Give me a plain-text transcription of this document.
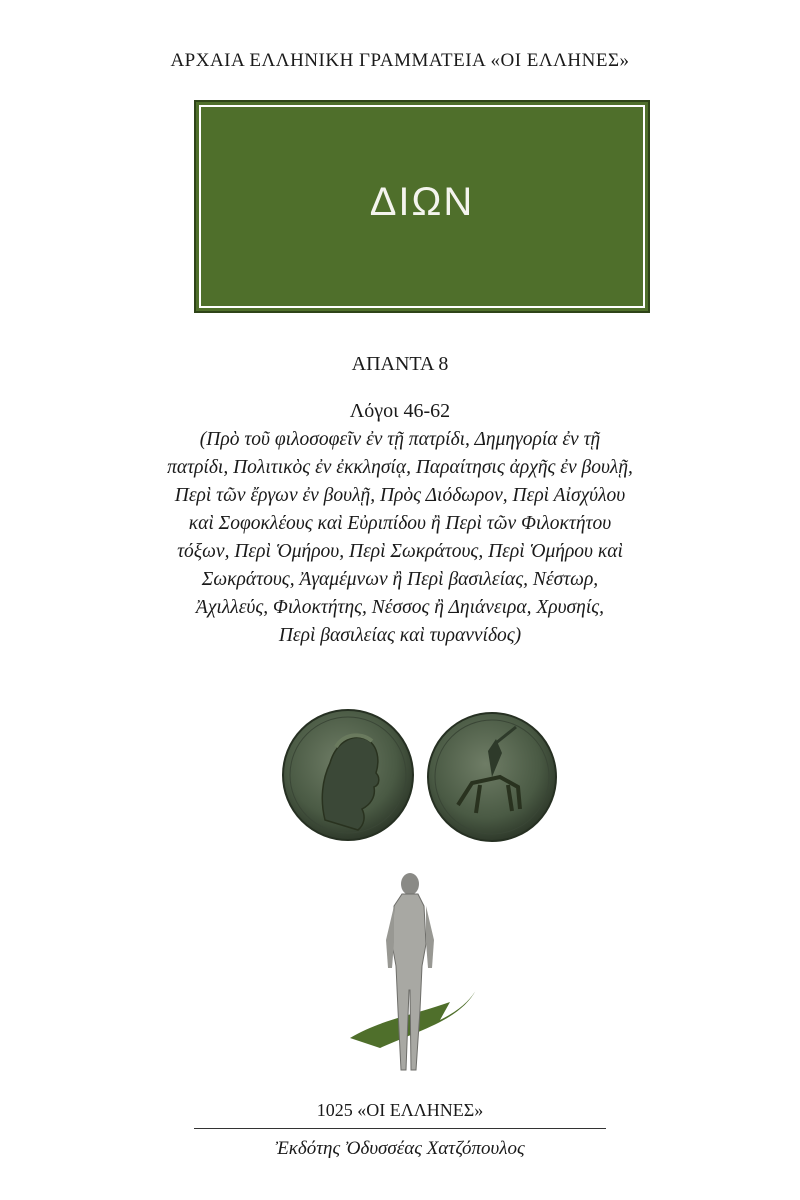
ΑΡΧΑΙΑ ΕΛΛΗΝΙΚΗ ΓΡΑΜΜΑΤΕΙΑ «ΟΙ ΕΛΛΗΝΕΣ»
ΔΙΩΝ
ΑΠΑΝΤΑ 8
Λόγοι 46-62
(Πρὸ τοῦ φιλοσοφεῖν ἐν τῇ πατρίδι, Δημηγορία ἐν τῇ
πατρίδι, Πολιτικὸς ἐν ἐκκλησίᾳ, Παραίτησις ἀρχῆς ἐν βουλῇ,
Περὶ τῶν ἔργων ἐν βουλῇ, Πρὸς Διόδωρον, Περὶ Αἰσχύλου
καὶ Σοφοκλέους καὶ Εὐριπίδου ἢ Περὶ τῶν Φιλοκτήτου
τόξων, Περὶ Ὁμήρου, Περὶ Σωκράτους, Περὶ Ὁμήρου καὶ
Σωκράτους, Ἀγαμέμνων ἢ Περὶ βασιλείας, Νέστωρ,
Ἀχιλλεύς, Φιλοκτήτης, Νέσσος ἢ Δηιάνειρα, Χρυσηίς,
Περὶ βασιλείας καὶ τυραννίδος)
1025 «ΟΙ ΕΛΛΗΝΕΣ»
Ἐκδότης Ὀδυσσέας Χατζόπουλος
